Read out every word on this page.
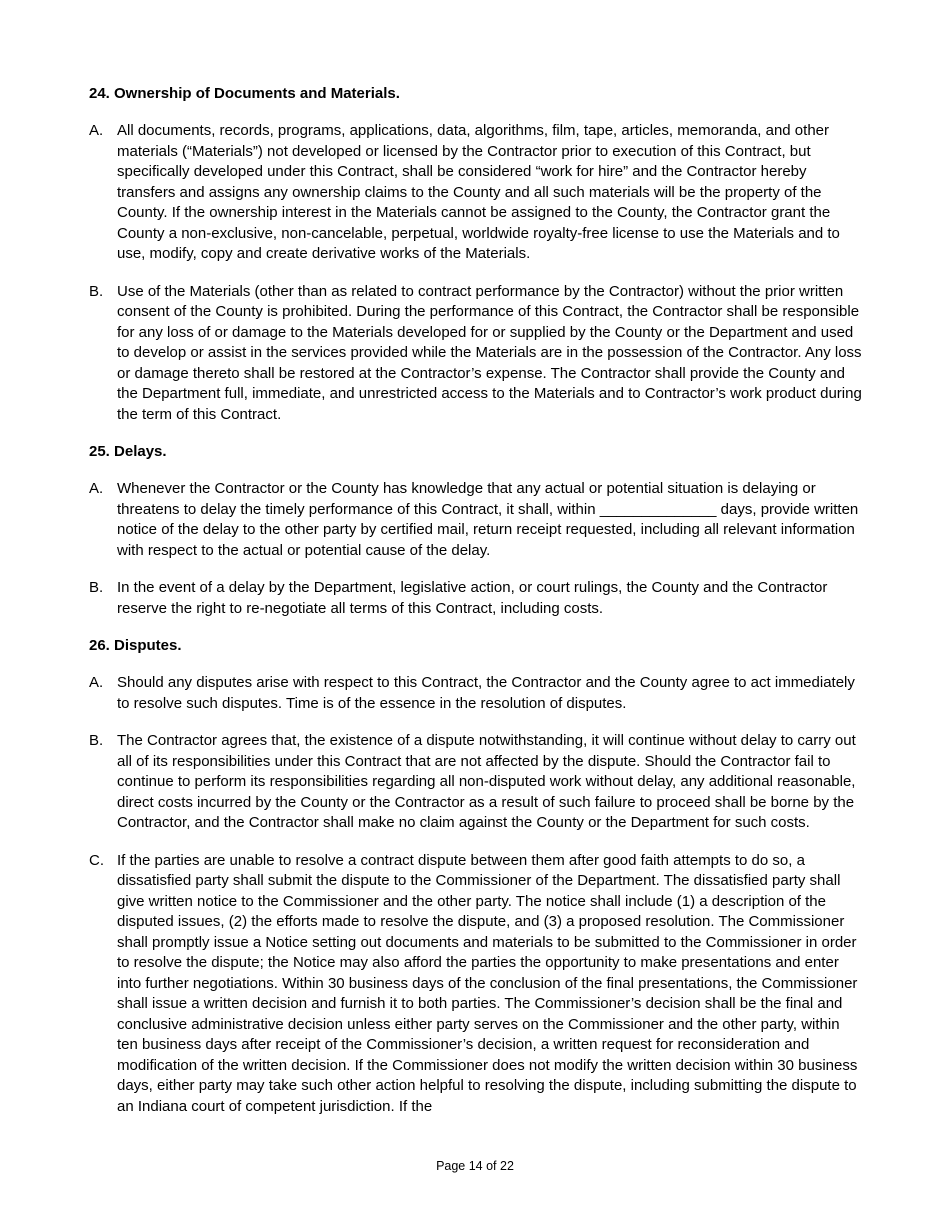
24. Ownership of Documents and Materials.
A. All documents, records, programs, applications, data, algorithms, film, tape, articles, memoranda, and other materials (“Materials”) not developed or licensed by the Contractor prior to execution of this Contract, but specifically developed under this Contract, shall be considered “work for hire” and the Contractor hereby transfers and assigns any ownership claims to the County and all such materials will be the property of the County. If the ownership interest in the Materials cannot be assigned to the County, the Contractor grant the County a non-exclusive, non-cancelable, perpetual, worldwide royalty-free license to use the Materials and to use, modify, copy and create derivative works of the Materials.
B. Use of the Materials (other than as related to contract performance by the Contractor) without the prior written consent of the County is prohibited. During the performance of this Contract, the Contractor shall be responsible for any loss of or damage to the Materials developed for or supplied by the County or the Department and used to develop or assist in the services provided while the Materials are in the possession of the Contractor. Any loss or damage thereto shall be restored at the Contractor’s expense. The Contractor shall provide the County and the Department full, immediate, and unrestricted access to the Materials and to Contractor’s work product during the term of this Contract.
25. Delays.
A. Whenever the Contractor or the County has knowledge that any actual or potential situation is delaying or threatens to delay the timely performance of this Contract, it shall, within ______________ days, provide written notice of the delay to the other party by certified mail, return receipt requested, including all relevant information with respect to the actual or potential cause of the delay.
B. In the event of a delay by the Department, legislative action, or court rulings, the County and the Contractor reserve the right to re-negotiate all terms of this Contract, including costs.
26. Disputes.
A. Should any disputes arise with respect to this Contract, the Contractor and the County agree to act immediately to resolve such disputes. Time is of the essence in the resolution of disputes.
B. The Contractor agrees that, the existence of a dispute notwithstanding, it will continue without delay to carry out all of its responsibilities under this Contract that are not affected by the dispute. Should the Contractor fail to continue to perform its responsibilities regarding all non-disputed work without delay, any additional reasonable, direct costs incurred by the County or the Contractor as a result of such failure to proceed shall be borne by the Contractor, and the Contractor shall make no claim against the County or the Department for such costs.
C. If the parties are unable to resolve a contract dispute between them after good faith attempts to do so, a dissatisfied party shall submit the dispute to the Commissioner of the Department. The dissatisfied party shall give written notice to the Commissioner and the other party. The notice shall include (1) a description of the disputed issues, (2) the efforts made to resolve the dispute, and (3) a proposed resolution. The Commissioner shall promptly issue a Notice setting out documents and materials to be submitted to the Commissioner in order to resolve the dispute; the Notice may also afford the parties the opportunity to make presentations and enter into further negotiations. Within 30 business days of the conclusion of the final presentations, the Commissioner shall issue a written decision and furnish it to both parties. The Commissioner’s decision shall be the final and conclusive administrative decision unless either party serves on the Commissioner and the other party, within ten business days after receipt of the Commissioner’s decision, a written request for reconsideration and modification of the written decision. If the Commissioner does not modify the written decision within 30 business days, either party may take such other action helpful to resolving the dispute, including submitting the dispute to an Indiana court of competent jurisdiction. If the
Page 14 of 22
